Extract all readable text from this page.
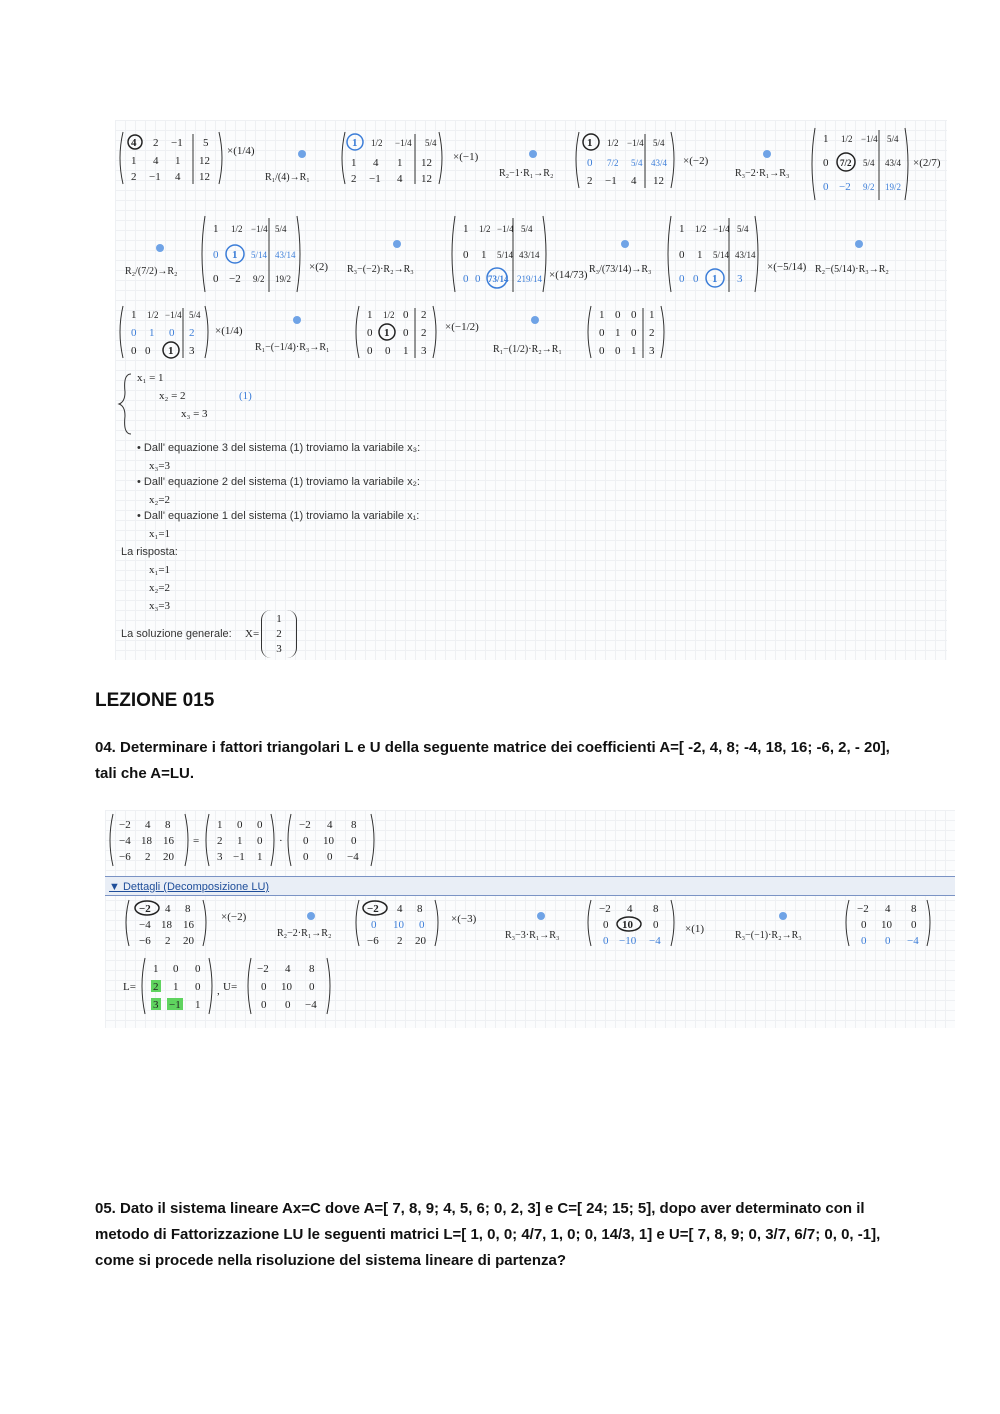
4 2 −1 5
1 4 1 12
2 −1 4 12
×(1/4)
R₁/(4)→R₁
1 1/2 −1/4 5/4
1 4 1 12
2 −1 4 12
×(−1)
R₂−1·R₁→R₂
1 1/2 −1/4 5/4
0 7/2 5/4 43/4
2 −1 4 12
×(−2)
R₃−2·R₁→R₃
1 1/2 −1/4 5/4
0 7/2 5/4 43/4
0 −2 9/2 19/2
×(2/7)
R₂/(7/2)→R₂
1 1/2 −1/4 5/4
0 1 5/14 43/14
0 −2 9/2 19/2
×(2) R₃−(−2)·R₂→R₃
1 1/2 −1/4 5/4
0 1 5/14 43/14
0 0 73/14 219/14 ×(14/73) R₃/(73/14)→R₃
1 1/2 −1/4 5/4
0 1 5/14 43/14
0 0 1 3
×(−5/14) R₂−(5/14)·R₃→R₂
1 1/2 −1/4 5/4
0 1 0 2
0 0 1 3
×(1/4)
R₁−(−1/4)·R₃→R₁
1 1/2 0 2
0 1 0 2
0 0 1 3
×(−1/2)
R₁−(1/2)·R₂→R₁
1 0 0 1
0 1 0 2
0 0 1 3
x₁ = 1
x₂ = 2	(1)
x₃ = 3
• Dall' equazione 3 del sistema (1) troviamo la variabile x₃:
x₃=3
• Dall' equazione 2 del sistema (1) troviamo la variabile x₂:
x₂=2
• Dall' equazione 1 del sistema (1) troviamo la variabile x₁:
x₁=1
La risposta:
x₁=1
x₂=2
x₃=3
La soluzione generale: X=
1
2
3
LEZIONE 015
04. Determinare i fattori triangolari L e U della seguente matrice dei coefficienti A=[ -2, 4, 8; -4, 18, 16; -6, 2, - 20], tali che A=LU.
−2 4 8
−4 18 16
−6 2 20
=
1 0 0
2 1 0
3 −1 1
·
−2 4 8
0 10 0
0 0 −4
▼ Dettagli (Decomposizione LU)
−2 4 8
−4 18 16
−6 2 20
×(−2)
R₂−2·R₁→R₂
−2 4 8
0 10 0
−6 2 20
×(−3)
R₃−3·R₁→R₃
−2 4 8
0 10 0
0 −10 −4
×(1)
R₃−(−1)·R₂→R₃
−2 4 8
0 10 0
0 0 −4
L=
1 0 0
2 1 0
3 −1 1
, U=
−2 4 8
0 10 0
0 0 −4
05. Dato il sistema lineare Ax=C dove A=[ 7, 8, 9; 4, 5, 6; 0, 2, 3] e C=[ 24; 15; 5], dopo aver determinato con il metodo di Fattorizzazione LU le seguenti matrici L=[ 1, 0, 0; 4/7, 1, 0; 0, 14/3, 1] e U=[ 7, 8, 9; 0, 3/7, 6/7; 0, 0, -1], come si procede nella risoluzione del sistema lineare di partenza?
